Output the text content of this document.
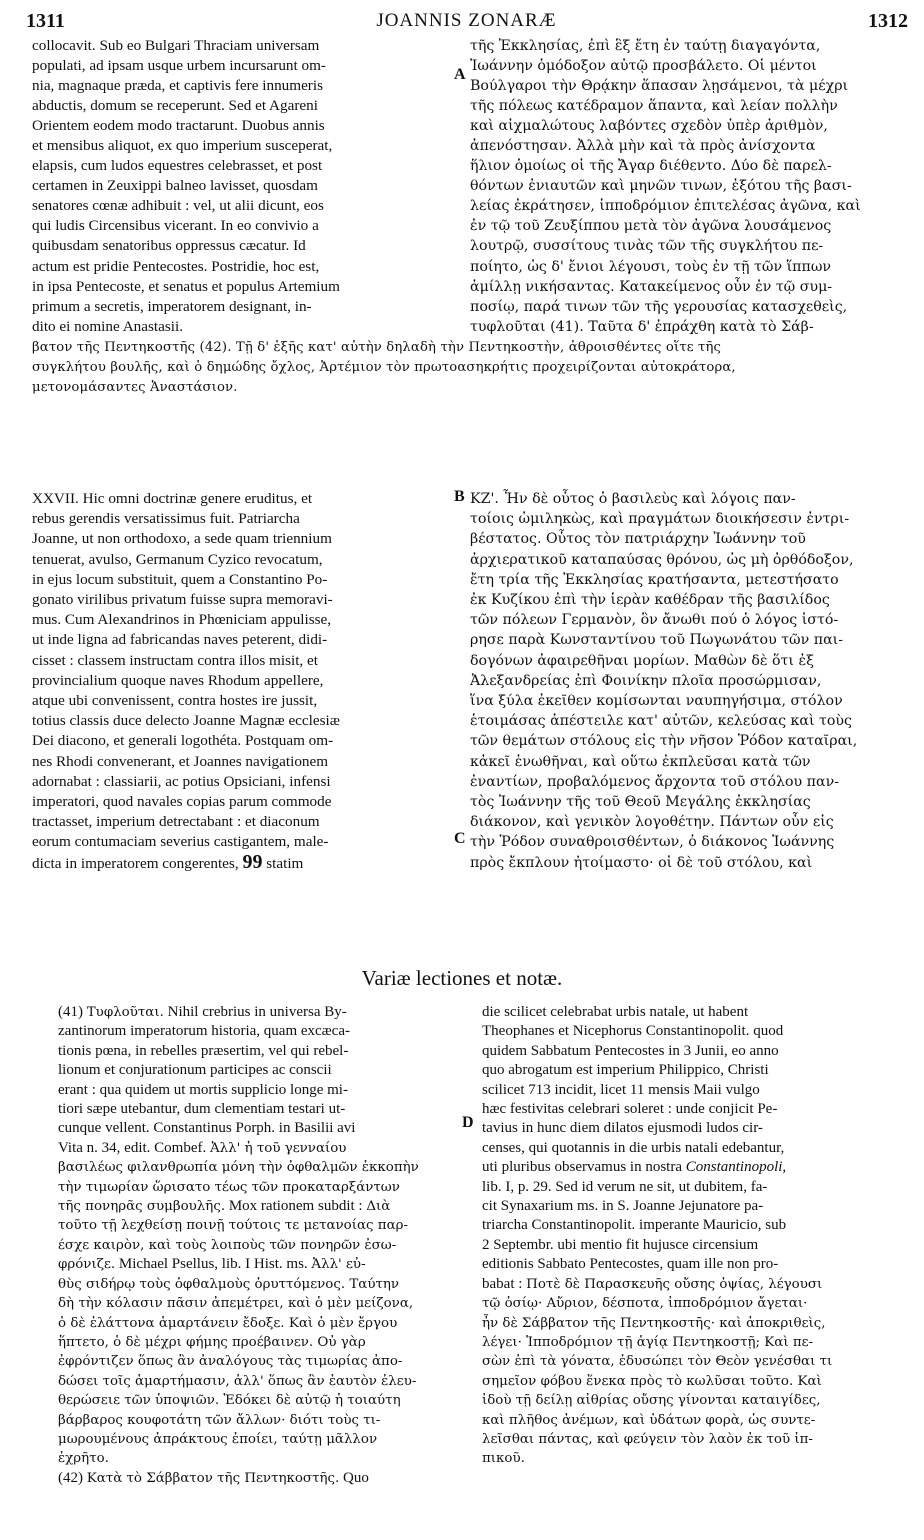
1311	JOANNIS ZONARÆ	1312
collocavit. Sub eo Bulgari Thraciam universam
populati, ad ipsam usque urbem incursarunt om-
nia, magnaque præda, et captivis fere innumeris
abductis, domum se receperunt. Sed et Agareni
Orientem eodem modo tractarunt. Duobus annis
et mensibus aliquot, ex quo imperium susceperat,
elapsis, cum ludos equestres celebrasset, et post
certamen in Zeuxippi balneo lavisset, quosdam
senatores cœnæ adhibuit : vel, ut alii dicunt, eos
qui ludis Circensibus vicerant. In eo convivio a
quibusdam senatoribus oppressus cæcatur. Id
actum est pridie Pentecostes. Postridie, hoc est,
in ipsa Pentecoste, et senatus et populus Artemium
primum a secretis, imperatorem designant, in-
dito ei nomine Anastasii.
τῆς Ἐκκλησίας, ἐπὶ ἓξ ἔτη ἐν ταύτῃ διαγαγόντα,
Ἰωάννην ὁμόδοξον αὐτῷ προσβάλετο. Οἱ μέντοι
Βούλγαροι τὴν Θρᾴκην ἅπασαν λῃσάμενοι, τὰ μέχρι
τῆς πόλεως κατέδραμον ἅπαντα, καὶ λείαν πολλὴν
καὶ αἰχμαλώτους λαβόντες σχεδὸν ὑπὲρ ἀριθμὸν,
ἀπενόστησαν. Ἀλλὰ μὴν καὶ τὰ πρὸς ἀνίσχοντα
ἥλιον ὁμοίως οἱ τῆς Ἄγαρ διέθεντο. Δύο δὲ παρελ-
θόντων ἐνιαυτῶν καὶ μηνῶν τινων, ἐξότου τῆς βασι-
λείας ἐκράτησεν, ἱπποδρόμιον ἐπιτελέσας ἀγῶνα, καὶ
ἐν τῷ τοῦ Ζευξίππου μετὰ τὸν ἀγῶνα λουσάμενος
λουτρῷ, συσσίτους τινὰς τῶν τῆς συγκλήτου πε-
ποίητο, ὡς δ' ἔνιοι λέγουσι, τοὺς ἐν τῇ τῶν ἵππων
ἁμίλλῃ νικήσαντας. Κατακείμενος οὖν ἐν τῷ συμ-
ποσίῳ, παρά τινων τῶν τῆς γερουσίας κατασχεθεὶς,
τυφλοῦται (41). Ταῦτα δ' ἐπράχθη κατὰ τὸ Σάβ-
βατον τῆς Πεντηκοστῆς (42). Τῇ δ' ἑξῆς κατ' αὐτὴν δηλαδὴ τὴν Πεντηκοστὴν, ἀθροισθέντες οἵτε τῆς
συγκλήτου βουλῆς, καὶ ὁ δημώδης ὄχλος, Ἀρτέμιον τὸν πρωτοασηκρήτις προχειρίζονται αὐτοκράτορα,
μετονομάσαντες Ἀναστάσιον.
A
B
C
D
XXVII. Hic omni doctrinæ genere eruditus, et
rebus gerendis versatissimus fuit. Patriarcha
Joanne, ut non orthodoxo, a sede quam triennium
tenuerat, avulso, Germanum Cyzico revocatum,
in ejus locum substituit, quem a Constantino Po-
gonato virilibus privatum fuisse supra memoravi-
mus. Cum Alexandrinos in Phœniciam appulisse,
ut inde ligna ad fabricandas naves peterent, didi-
cisset : classem instructam contra illos misit, et
provincialium quoque naves Rhodum appellere,
atque ubi convenissent, contra hostes ire jussit,
totius classis duce delecto Joanne Magnæ ecclesiæ
Dei diacono, et generali logothéta. Postquam om-
nes Rhodi convenerant, et Joannes navigationem
adornabat : classiarii, ac potius Opsiciani, infensi
imperatori, quod navales copias parum commode
tractasset, imperium detrectabant : et diaconum
eorum contumaciam severius castigantem, male-
dicta in imperatorem congerentes, 99 statim
ΚΖ'. Ἦν δὲ οὗτος ὁ βασιλεὺς καὶ λόγοις παν-
τοίοις ὡμιληκὼς, καὶ πραγμάτων διοικήσεσιν ἐντρι-
βέστατος. Οὗτος τὸν πατριάρχην Ἰωάννην τοῦ
ἀρχιερατικοῦ καταπαύσας θρόνου, ὡς μὴ ὀρθόδοξον,
ἔτη τρία τῆς Ἐκκλησίας κρατήσαντα, μετεστήσατο
ἐκ Κυζίκου ἐπὶ τὴν ἱερὰν καθέδραν τῆς βασιλίδος
τῶν πόλεων Γερμανὸν, ὃν ἄνωθι πού ὁ λόγος ἱστό-
ρησε παρὰ Κωνσταντίνου τοῦ Πωγωνάτου τῶν παι-
δογόνων ἀφαιρεθῆναι μορίων. Μαθὼν δὲ ὅτι ἐξ
Ἀλεξανδρείας ἐπὶ Φοινίκην πλοῖα προσώρμισαν,
ἵνα ξύλα ἐκεῖθεν κομίσωνται ναυπηγήσιμα, στόλον
ἑτοιμάσας ἀπέστειλε κατ' αὐτῶν, κελεύσας καὶ τοὺς
τῶν θεμάτων στόλους εἰς τὴν νῆσον Ῥόδον καταῖραι,
κἀκεῖ ἑνωθῆναι, καὶ οὕτω ἐκπλεῦσαι κατὰ τῶν
ἐναντίων, προβαλόμενος ἄρχοντα τοῦ στόλου παν-
τὸς Ἰωάννην τῆς τοῦ Θεοῦ Μεγάλης ἐκκλησίας
διάκονον, καὶ γενικὸν λογοθέτην. Πάντων οὖν εἰς
τὴν Ῥόδον συναθροισθέντων, ὁ διάκονος Ἰωάννης
πρὸς ἔκπλουν ἠτοίμαστο· οἱ δὲ τοῦ στόλου, καὶ
Variæ lectiones et notæ.
(41) Τυφλοῦται. Nihil crebrius in universa By-
zantinorum imperatorum historia, quam excæca-
tionis pœna, in rebelles præsertim, vel qui rebel-
lionum et conjurationum participes ac conscii
erant : qua quidem ut mortis supplicio longe mi-
tiori sæpe utebantur, dum clementiam testari ut-
cunque vellent. Constantinus Porph. in Basilii avi
Vita n. 34, edit. Combef. Ἀλλ' ἡ τοῦ γενναίου
βασιλέως φιλανθρωπία μόνη τὴν ὀφθαλμῶν ἐκκοπὴν
τὴν τιμωρίαν ὥρισατο τέως τῶν προκαταρξάντων
τῆς πονηρᾶς συμβουλῆς. Mox rationem subdit : Διὰ
τοῦτο τῇ λεχθείσῃ ποινῇ τούτοις τε μετανοίας παρ-
έσχε καιρὸν, καὶ τοὺς λοιποὺς τῶν πονηρῶν ἐσω-
φρόνιζε. Michael Psellus, lib. I Hist. ms. Ἀλλ' εὐ-
θὺς σιδήρῳ τοὺς ὀφθαλμοὺς ὀρυττόμενος. Ταύτην
δὴ τὴν κόλασιν πᾶσιν ἀπεμέτρει, καὶ ὁ μὲν μείζονα,
ὁ δὲ ἐλάττονα ἁμαρτάνειν ἔδοξε. Καὶ ὁ μὲν ἔργου
ἥπτετο, ὁ δὲ μέχρι φήμης προέβαινεν. Οὐ γὰρ
ἐφρόντιζεν ὅπως ἂν ἀναλόγους τὰς τιμωρίας ἀπο-
δώσει τοῖς ἁμαρτήμασιν, ἀλλ' ὅπως ἂν ἑαυτὸν ἐλευ-
θερώσειε τῶν ὑποψιῶν. Ἐδόκει δὲ αὐτῷ ἡ τοιαύτη
βάρβαρος κουφοτάτη τῶν ἄλλων· διότι τοὺς τι-
μωρουμένους ἀπράκτους ἐποίει, ταύτῃ μᾶλλον
ἐχρῆτο.
(42) Κατὰ τὸ Σάββατον τῆς Πεντηκοστῆς. Quo
die scilicet celebrabat urbis natale, ut habent
Theophanes et Nicephorus Constantinopolit. quod
quidem Sabbatum Pentecostes in 3 Junii, eo anno
quo abrogatum est imperium Philippico, Christi
scilicet 713 incidit, licet 11 mensis Maii vulgo
hæc festivitas celebrari soleret : unde conjicit Pe-
tavius in hunc diem dilatos ejusmodi ludos cir-
censes, qui quotannis in die urbis natali edebantur,
uti pluribus observamus in nostra Constantinopoli,
lib. I, p. 29. Sed id verum ne sit, ut dubitem, fa-
cit Synaxarium ms. in S. Joanne Jejunatore pa-
triarcha Constantinopolit. imperante Mauricio, sub
2 Septembr. ubi mentio fit hujusce circensium
editionis Sabbato Pentecostes, quam ille non pro-
babat : Ποτὲ δὲ Παρασκευῆς οὔσης ὀψίας, λέγουσι
τῷ ὁσίῳ· Αὔριον, δέσποτα, ἱπποδρόμιον ἄγεται·
ἦν δὲ Σάββατον τῆς Πεντηκοστῆς· καὶ ἀποκριθεὶς,
λέγει· Ἱπποδρόμιον τῇ ἁγίᾳ Πεντηκοστῇ; Καὶ πε-
σὼν ἐπὶ τὰ γόνατα, ἐδυσώπει τὸν Θεὸν γενέσθαι τι
σημεῖον φόβου ἕνεκα πρὸς τὸ κωλῦσαι τοῦτο. Καὶ
ἰδοὺ τῇ δείλῃ αἰθρίας οὔσης γίνονται καταιγίδες,
καὶ πλῆθος ἀνέμων, καὶ ὑδάτων φορὰ, ὡς συντε-
λεῖσθαι πάντας, καὶ φεύγειν τὸν λαὸν ἐκ τοῦ ἱπ-
πικοῦ.
